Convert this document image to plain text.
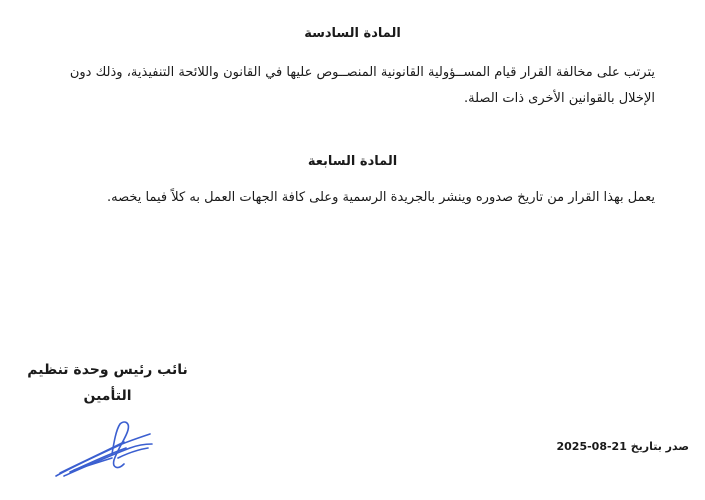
المادة السادسة
يترتب على مخالفة القرار قيام المســؤولية القانونية المنصــوص عليها في القانون واللائحة التنفيذية، وذلك دون الإخلال بالقوانين الأخرى ذات الصلة.
المادة السابعة
يعمل بهذا القرار من تاريخ صدوره وينشر بالجريدة الرسمية وعلى كافة الجهات العمل به كلاً فيما يخصه.
نائب رئيس وحدة تنظيم
التأمين
صدر بتاريخ 2025-08-21
